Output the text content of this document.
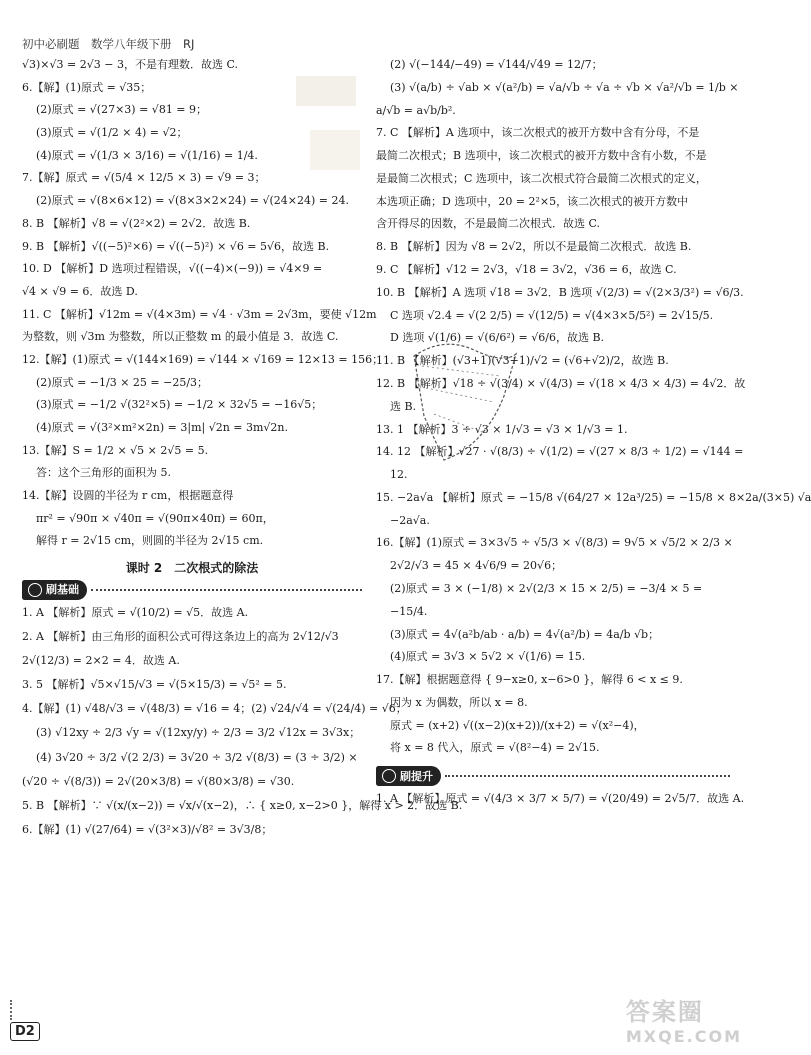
初中必刷题　数学八年级下册　RJ
√3)×√3 = 2√3 − 3，不是有理数．故选 C.
6.【解】(1)原式 = √35；
(2)原式 = √(27×3) = √81 = 9；
(3)原式 = √(1/2 × 4) = √2；
(4)原式 = √(1/3 × 3/16) = √(1/16) = 1/4.
7.【解】原式 = √(5/4 × 12/5 × 3) = √9 = 3；
(2)原式 = √(8×6×12) = √(8×3×2×24) = √(24×24) = 24.
8. B 【解析】√8 = √(2²×2) = 2√2．故选 B.
9. B 【解析】√((−5)²×6) = √((−5)²) × √6 = 5√6，故选 B.
10. D 【解析】D 选项过程错误，√((−4)×(−9)) = √4×9 =
√4 × √9 = 6．故选 D.
11. C 【解析】√12m = √(4×3m) = √4 · √3m = 2√3m，要使 √12m
为整数，则 √3m 为整数，所以正整数 m 的最小值是 3．故选 C.
12.【解】(1)原式 = √(144×169) = √144 × √169 = 12×13 = 156；
(2)原式 = −1/3 × 25 = −25/3；
(3)原式 = −1/2 √(32²×5) = −1/2 × 32√5 = −16√5；
(4)原式 = √(3²×m²×2n) = 3|m| √2n = 3m√2n.
13.【解】S = 1/2 × √5 × 2√5 = 5.
答：这个三角形的面积为 5.
14.【解】设圆的半径为 r cm，根据题意得
πr² = √90π × √40π = √(90π×40π) = 60π，
解得 r = 2√15 cm，则圆的半径为 2√15 cm.
课时 2　二次根式的除法
刷基础
1. A 【解析】原式 = √(10/2) = √5．故选 A.
2. A 【解析】由三角形的面积公式可得这条边上的高为 2√12/√3
2√(12/3) = 2×2 = 4．故选 A.
3. 5 【解析】√5×√15/√3 = √(5×15/3) = √5² = 5.
4.【解】(1) √48/√3 = √(48/3) = √16 = 4；(2) √24/√4 = √(24/4) = √6；
(3) √12xy ÷ 2/3 √y = √(12xy/y) ÷ 2/3 = 3/2 √12x = 3√3x；
(4) 3√20 ÷ 3/2 √(2 2/3) = 3√20 ÷ 3/2 √(8/3) = (3 ÷ 3/2) ×
(√20 ÷ √(8/3)) = 2√(20×3/8) = √(80×3/8) = √30.
5. B 【解析】∵ √(x/(x−2)) = √x/√(x−2)，∴ { x≥0, x−2>0 }，解得 x > 2．故选 B.
6.【解】(1) √(27/64) = √(3²×3)/√8² = 3√3/8；
(2) √(−144/−49) = √144/√49 = 12/7；
(3) √(a/b) ÷ √ab × √(a²/b) = √a/√b ÷ √a ÷ √b × √a²/√b = 1/b ×
a/√b = a√b/b².
7. C 【解析】A 选项中，该二次根式的被开方数中含有分母，不是
最简二次根式；B 选项中，该二次根式的被开方数中含有小数，不是
是最简二次根式；C 选项中，该二次根式符合最简二次根式的定义，
本选项正确；D 选项中，20 = 2²×5，该二次根式的被开方数中
含开得尽的因数，不是最简二次根式．故选 C.
8. B 【解析】因为 √8 = 2√2，所以不是最简二次根式．故选 B.
9. C 【解析】√12 = 2√3，√18 = 3√2，√36 = 6，故选 C.
10. B 【解析】A 选项 √18 = 3√2．B 选项 √(2/3) = √(2×3/3²) = √6/3.
C 选项 √2.4 = √(2 2/5) = √(12/5) = √(4×3×5/5²) = 2√15/5.
D 选项 √(1/6) = √(6/6²) = √6/6，故选 B.
11. B 【解析】(√3+1)(√3+1)/√2 = (√6+√2)/2，故选 B.
12. B 【解析】√18 ÷ √(3/4) × √(4/3) = √(18 × 4/3 × 4/3) = 4√2．故
选 B.
13. 1 【解析】3 ÷ √3 × 1/√3 = √3 × 1/√3 = 1.
14. 12 【解析】√27 · √(8/3) ÷ √(1/2) = √(27 × 8/3 ÷ 1/2) = √144 =
12.
15. −2a√a 【解析】原式 = −15/8 √(64/27 × 12a³/25) = −15/8 × 8×2a/(3×5) √a
−2a√a.
16.【解】(1)原式 = 3×3√5 ÷ √5/3 × √(8/3) = 9√5 × √5/2 × 2/3 ×
2√2/√3 = 45 × 4√6/9 = 20√6；
(2)原式 = 3 × (−1/8) × 2√(2/3 × 15 × 2/5) = −3/4 × 5 =
−15/4.
(3)原式 = 4√(a²b/ab · a/b) = 4√(a²/b) = 4a/b √b；
(4)原式 = 3√3 × 5√2 × √(1/6) = 15.
17.【解】根据题意得 { 9−x≥0, x−6>0 }，解得 6 < x ≤ 9.
因为 x 为偶数，所以 x = 8.
原式 = (x+2) √((x−2)(x+2))/(x+2) = √(x²−4)，
将 x = 8 代入，原式 = √(8²−4) = 2√15.
刷提升
1. A 【解析】原式 = √(4/3 × 3/7 × 5/7) = √(20/49) = 2√5/7．故选 A.
D2
答案圈
MXQE.COM
